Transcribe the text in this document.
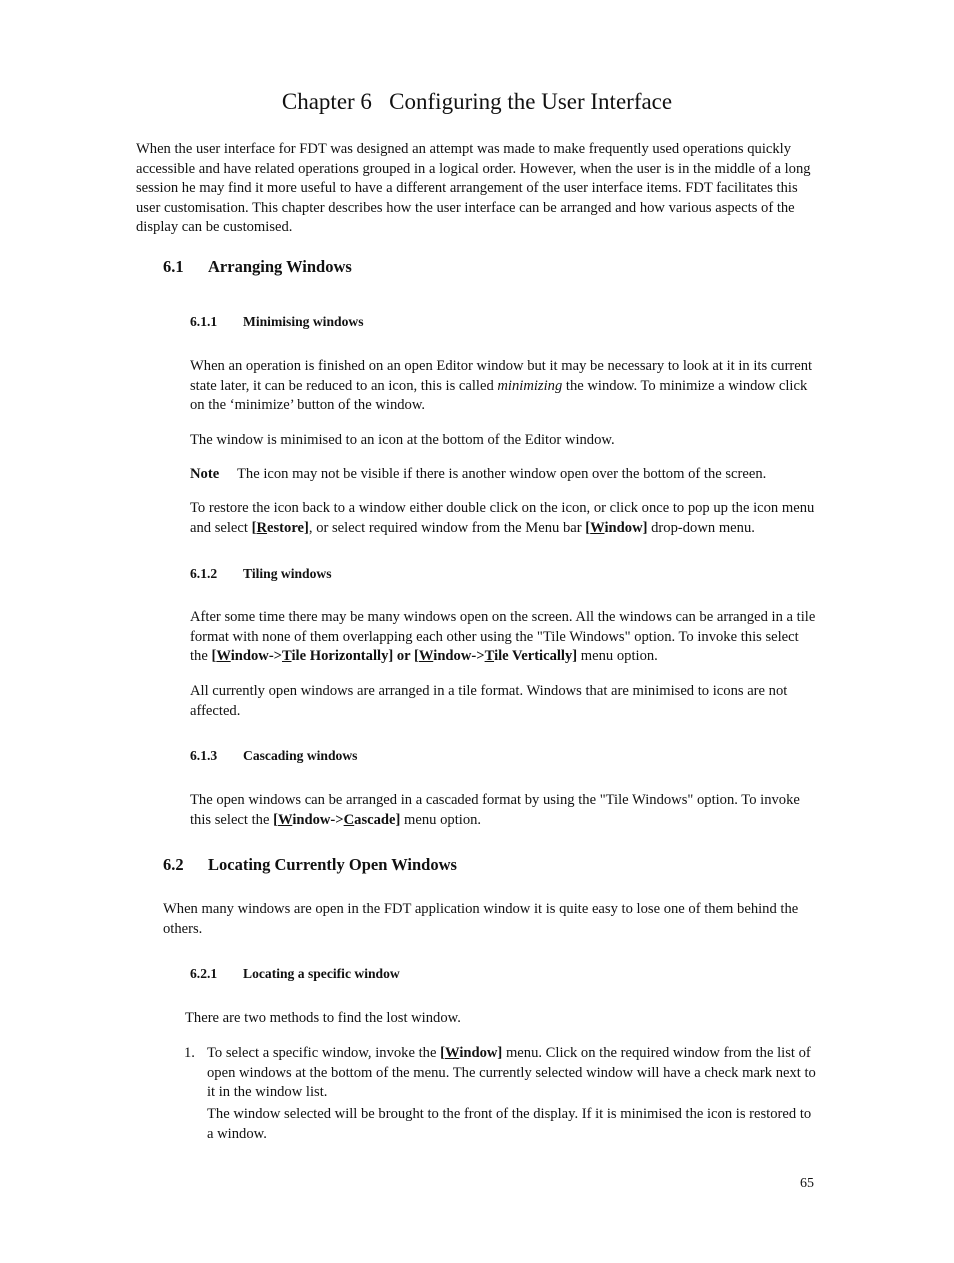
Chapter 6   Configuring the User Interface

When the user interface for FDT was designed an attempt was made to make frequently used operations quickly accessible and have related operations grouped in a logical order. However, when the user is in the middle of a long session he may find it more useful to have a different arrangement of the user interface items. FDT facilitates this user customisation. This chapter describes how the user interface can be arranged and how various aspects of the display can be customised.

6.1 Arranging Windows
6.1.1 Minimising windows

When an operation is finished on an open Editor window but it may be necessary to look at it in its current state later, it can be reduced to an icon, this is called minimizing the window. To minimize a window click on the ‘minimize’ button of the window.

The window is minimised to an icon at the bottom of the Editor window.

Note The icon may not be visible if there is another window open over the bottom of the screen.

To restore the icon back to a window either double click on the icon, or click once to pop up the icon menu and select [Restore], or select required window from the Menu bar [Window] drop-down menu.

6.1.2 Tiling windows

After some time there may be many windows open on the screen. All the windows can be arranged in a tile format with none of them overlapping each other using the "Tile Windows" option. To invoke this select the [Window->Tile Horizontally] or [Window->Tile Vertically] menu option.

All currently open windows are arranged in a tile format. Windows that are minimised to icons are not affected.

6.1.3 Cascading windows

The open windows can be arranged in a cascaded format by using the "Tile Windows" option. To invoke this select the [Window->Cascade] menu option.

6.2 Locating Currently Open Windows

When many windows are open in the FDT application window it is quite easy to lose one of them behind the others.

6.2.1 Locating a specific window

There are two methods to find the lost window.

1. To select a specific window, invoke the [Window] menu. Click on the required window from the list of open windows at the bottom of the menu. The currently selected window will have a check mark next to it in the window list.

The window selected will be brought to the front of the display. If it is minimised the icon is restored to a window.

65
